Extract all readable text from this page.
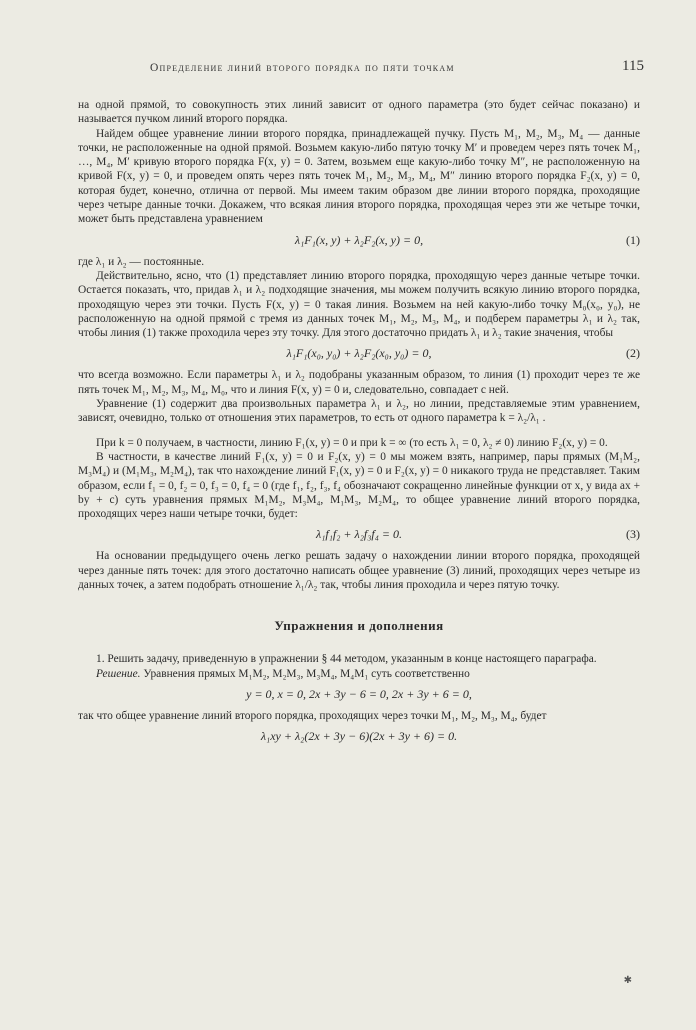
Определение линий второго порядка по пяти точкам	115

на одной прямой, то совокупность этих линий зависит от одного параметра (это будет сейчас показано) и называется пучком линий второго порядка.

Найдем общее уравнение линии второго порядка, принадлежащей пучку. Пусть M₁, M₂, M₃, M₄ — данные точки, не расположенные на одной прямой. Возьмем какую-либо пятую точку M′ и проведем через пять точек M₁, …, M₄, M′ кривую второго порядка F(x, y) = 0. Затем, возьмем еще какую-либо точку M″, не расположенную на кривой F(x, y) = 0, и проведем опять через пять точек M₁, M₂, M₃, M₄, M″ линию второго порядка F₂(x, y) = 0, которая будет, конечно, отлична от первой. Мы имеем таким образом две линии второго порядка, проходящие через четыре данные точки. Докажем, что всякая линия второго порядка, проходящая через эти же четыре точки, может быть представлена уравнением

λ₁F₁(x, y) + λ₂F₂(x, y) = 0,	(1)

где λ₁ и λ₂ — постоянные.

Действительно, ясно, что (1) представляет линию второго порядка, проходящую через данные четыре точки. Остается показать, что, придав λ₁ и λ₂ подходящие значения, мы можем получить всякую линию второго порядка, проходящую через эти точки. Пусть F(x, y) = 0 такая линия. Возьмем на ней какую-либо точку M₀(x₀, y₀), не расположенную на одной прямой с тремя из данных точек M₁, M₂, M₃, M₄, и подберем параметры λ₁ и λ₂ так, чтобы линия (1) также проходила через эту точку. Для этого достаточно придать λ₁ и λ₂ такие значения, чтобы

λ₁F₁(x₀, y₀) + λ₂F₂(x₀, y₀) = 0,	(2)

что всегда возможно. Если параметры λ₁ и λ₂ подобраны указанным образом, то линия (1) проходит через те же пять точек M₁, M₂, M₃, M₄, M₀, что и линия F(x, y) = 0 и, следовательно, совпадает с ней.

Уравнение (1) содержит два произвольных параметра λ₁ и λ₂, но линии, представляемые этим уравнением, зависят, очевидно, только от отношения этих параметров, то есть от одного параметра k = λ₂/λ₁ .

При k = 0 получаем, в частности, линию F₁(x, y) = 0 и при k = ∞ (то есть λ₁ = 0, λ₂ ≠ 0) линию F₂(x, y) = 0.

В частности, в качестве линий F₁(x, y) = 0 и F₂(x, y) = 0 мы можем взять, например, пары прямых (M₁M₂, M₃M₄) и (M₁M₃, M₂M₄), так что нахождение линий F₁(x, y) = 0 и F₂(x, y) = 0 никакого труда не представляет. Таким образом, если f₁ = 0, f₂ = 0, f₃ = 0, f₄ = 0 (где f₁, f₂, f₃, f₄ обозначают сокращенно линейные функции от x, y вида ax + by + c) суть уравнения прямых M₁M₂, M₃M₄, M₁M₃, M₂M₄, то общее уравнение линий второго порядка, проходящих через наши четыре точки, будет:

λ₁f₁f₂ + λ₂f₃f₄ = 0.	(3)

На основании предыдущего очень легко решать задачу о нахождении линии второго порядка, проходящей через данные пять точек: для этого достаточно написать общее уравнение (3) линий, проходящих через четыре из данных точек, а затем подобрать отношение λ₁/λ₂ так, чтобы линия проходила и через пятую точку.

Упражнения и дополнения

1. Решить задачу, приведенную в упражнении § 44 методом, указанным в конце настоящего параграфа.

Решение. Уравнения прямых M₁M₂, M₂M₃, M₃M₄, M₄M₁ суть соответственно

y = 0, x = 0, 2x + 3y − 6 = 0, 2x + 3y + 6 = 0,

так что общее уравнение линий второго порядка, проходящих через точки M₁, M₂, M₃, M₄, будет

λ₁xy + λ₂(2x + 3y − 6)(2x + 3y + 6) = 0.
✱
